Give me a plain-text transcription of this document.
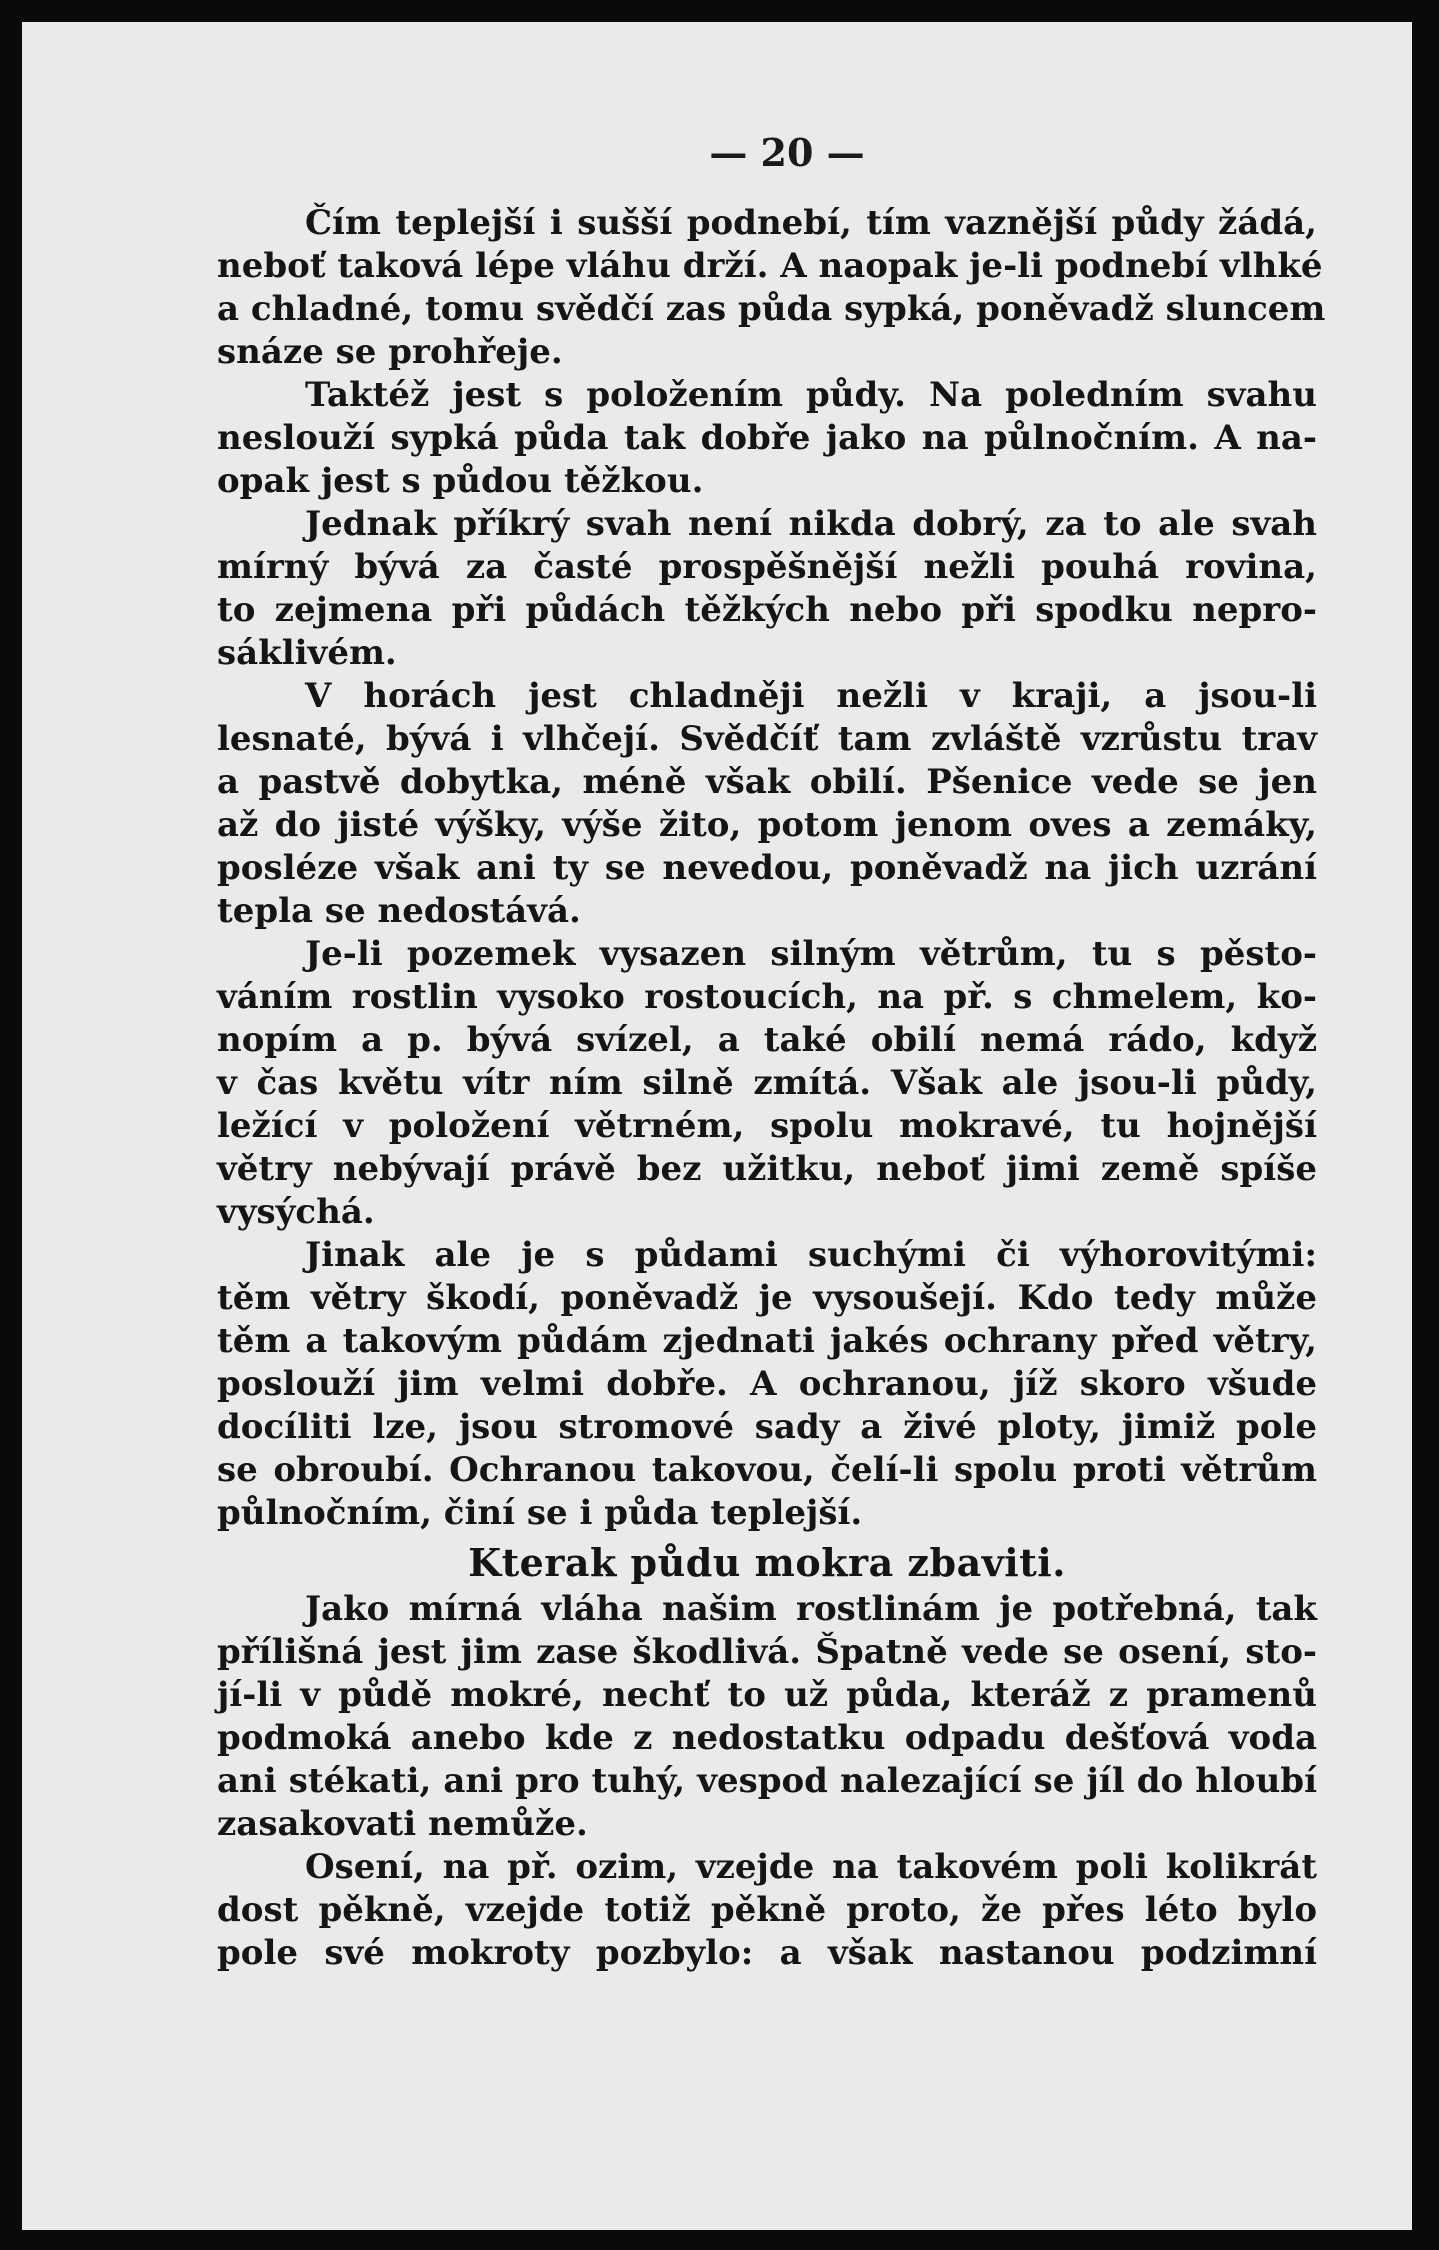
— 20 —
Čím teplejší i sušší podnebí, tím vaznější půdy žádá,
neboť taková lépe vláhu drží. A naopak je-li podnebí vlhké
a chladné, tomu svědčí zas půda sypká, poněvadž sluncem
snáze se prohřeje.
Taktéž jest s položením půdy. Na poledním svahu
neslouží sypká půda tak dobře jako na půlnočním. A na-
opak jest s půdou těžkou.
Jednak příkrý svah není nikda dobrý, za to ale svah
mírný bývá za časté prospěšnější nežli pouhá rovina,
to zejmena při půdách těžkých nebo při spodku nepro-
sáklivém.
V horách jest chladněji nežli v kraji, a jsou-li
lesnaté, bývá i vlhčejí. Svědčíť tam zvláště vzrůstu trav
a pastvě dobytka, méně však obilí. Pšenice vede se jen
až do jisté výšky, výše žito, potom jenom oves a zemáky,
posléze však ani ty se nevedou, poněvadž na jich uzrání
tepla se nedostává.
Je-li pozemek vysazen silným větrům, tu s pěsto-
váním rostlin vysoko rostoucích, na př. s chmelem, ko-
nopím a p. bývá svízel, a také obilí nemá rádo, když
v čas květu vítr ním silně zmítá. Však ale jsou-li půdy,
ležící v položení větrném, spolu mokravé, tu hojnější
větry nebývají právě bez užitku, neboť jimi země spíše
vysýchá.
Jinak ale je s půdami suchými či výhorovitými:
těm větry škodí, poněvadž je vysoušejí. Kdo tedy může
těm a takovým půdám zjednati jakés ochrany před větry,
poslouží jim velmi dobře. A ochranou, jíž skoro všude
docíliti lze, jsou stromové sady a živé ploty, jimiž pole
se obroubí. Ochranou takovou, čelí-li spolu proti větrům
půlnočním, činí se i půda teplejší.
Kterak půdu mokra zbaviti.
Jako mírná vláha našim rostlinám je potřebná, tak
přílišná jest jim zase škodlivá. Špatně vede se osení, sto-
jí-li v půdě mokré, nechť to už půda, kteráž z pramenů
podmoká anebo kde z nedostatku odpadu dešťová voda
ani stékati, ani pro tuhý, vespod nalezající se jíl do hloubí
zasakovati nemůže.
Osení, na př. ozim, vzejde na takovém poli kolikrát
dost pěkně, vzejde totiž pěkně proto, že přes léto bylo
pole své mokroty pozbylo: a však nastanou podzimní
